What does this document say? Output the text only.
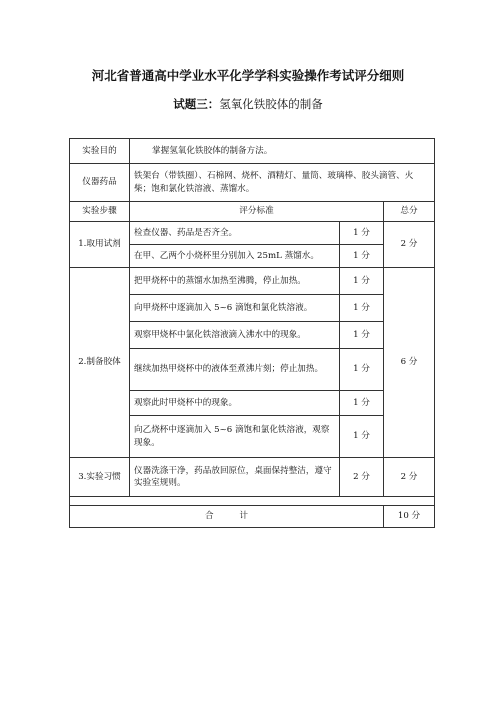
河北省普通高中学业水平化学学科实验操作考试评分细则
试题三：氢氧化铁胶体的制备
实验目的	掌握氢氧化铁胶体的制备方法。		
仪器药品	铁架台（带铁圈）、石棉网、烧杯、酒精灯、量筒、玻璃棒、胶头滴管、火柴；饱和氯化铁溶液、蒸馏水。		
实验步骤	评分标准		总分
1.取用试剂	检查仪器、药品是否齐全。	1 分	2 分
	在甲、乙两个小烧杯里分别加入 25mL 蒸馏水。	1 分	
2.制备胶体	把甲烧杯中的蒸馏水加热至沸腾，停止加热。	1 分	6 分
	向甲烧杯中逐滴加入 5~6 滴饱和氯化铁溶液。	1 分	
	观察甲烧杯中氯化铁溶液滴入沸水中的现象。	1 分	
	继续加热甲烧杯中的液体至煮沸片刻；停止加热。	1 分	
	观察此时甲烧杯中的现象。	1 分	
	向乙烧杯中逐滴加入 5~6 滴饱和氯化铁溶液，观察现象。	1 分	
3.实验习惯	仪器洗涤干净，药品放回原位，桌面保持整洁，遵守实验室规则。	2 分	2 分

合　　　计			10 分
